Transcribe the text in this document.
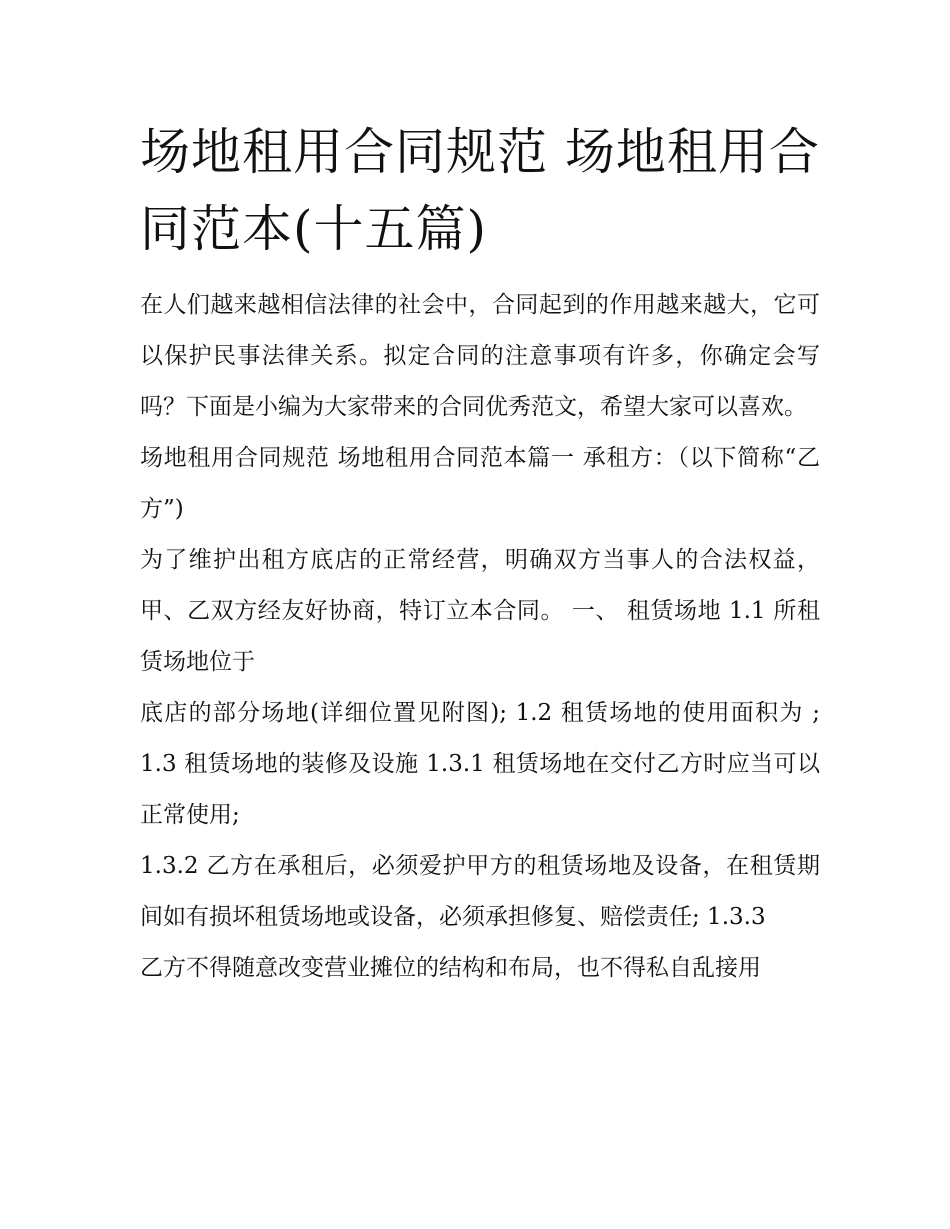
场地租用合同规范 场地租用合同范本(十五篇)

在人们越来越相信法律的社会中，合同起到的作用越来越大，它可以保护民事法律关系。拟定合同的注意事项有许多，你确定会写吗？下面是小编为大家带来的合同优秀范文，希望大家可以喜欢。

场地租用合同规范 场地租用合同范本篇一 承租方：（以下简称“乙方”)

为了维护出租方底店的正常经营，明确双方当事人的合法权益，甲、乙双方经友好协商，特订立本合同。 一、 租赁场地 1.1 所租赁场地位于

底店的部分场地(详细位置见附图); 1.2 租赁场地的使用面积为 ; 1.3 租赁场地的装修及设施 1.3.1 租赁场地在交付乙方时应当可以正常使用;

1.3.2 乙方在承租后，必须爱护甲方的租赁场地及设备，在租赁期间如有损坏租赁场地或设备，必须承担修复、赔偿责任; 1.3.3

乙方不得随意改变营业摊位的结构和布局，也不得私自乱接用
